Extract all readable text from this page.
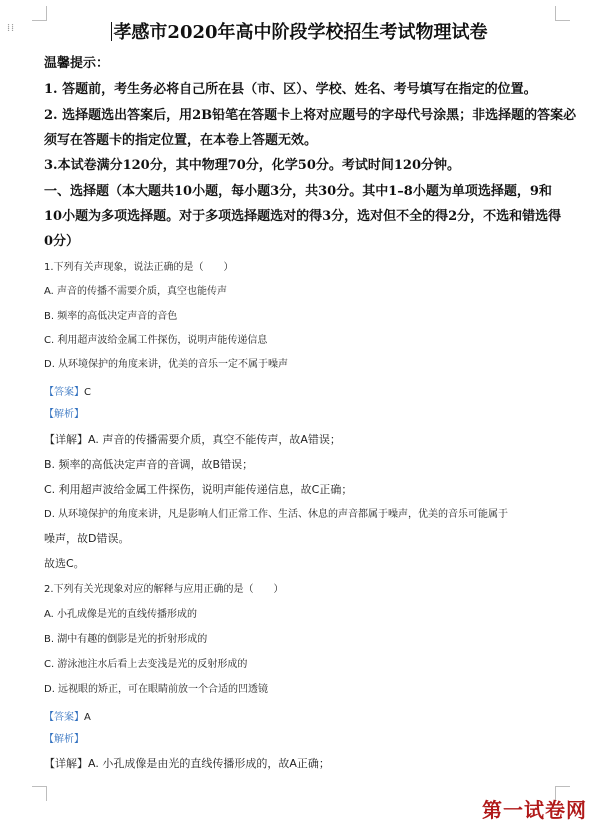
⁞⁞	孝感市2020年高中阶段学校招生考试物理试卷
温馨提示：
1. 答题前，考生务必将自己所在县（市、区）、学校、姓名、考号填写在指定的位置。
2. 选择题选出答案后，用2B铅笔在答题卡上将对应题号的字母代号涂黑；非选择题的答案必
须写在答题卡的指定位置，在本卷上答题无效。
3.本试卷满分120分，其中物理70分，化学50分。考试时间120分钟。
一、选择题（本大题共10小题，每小题3分，共30分。其中1–8小题为单项选择题，9和
10小题为多项选择题。对于多项选择题选对的得3分，选对但不全的得2分，不选和错选得
0分）
1.下列有关声现象，说法正确的是（　　）
A. 声音的传播不需要介质，真空也能传声
B. 频率的高低决定声音的音色
C. 利用超声波给金属工件探伤，说明声能传递信息
D. 从环境保护的角度来讲，优美的音乐一定不属于噪声
【答案】C
【解析】
【详解】A. 声音的传播需要介质，真空不能传声，故A错误；
B. 频率的高低决定声音的音调，故B错误；
C. 利用超声波给金属工件探伤，说明声能传递信息，故C正确；
D. 从环境保护的角度来讲，凡是影响人们正常工作、生活、休息的声音都属于噪声，优美的音乐可能属于
噪声，故D错误。
故选C。
2.下列有关光现象对应的解释与应用正确的是（　　）
A. 小孔成像是光的直线传播形成的
B. 湖中有趣的倒影是光的折射形成的
C. 游泳池注水后看上去变浅是光的反射形成的
D. 远视眼的矫正，可在眼睛前放一个合适的凹透镜
【答案】A
【解析】
【详解】A. 小孔成像是由光的直线传播形成的，故A正确；
第一试卷网
